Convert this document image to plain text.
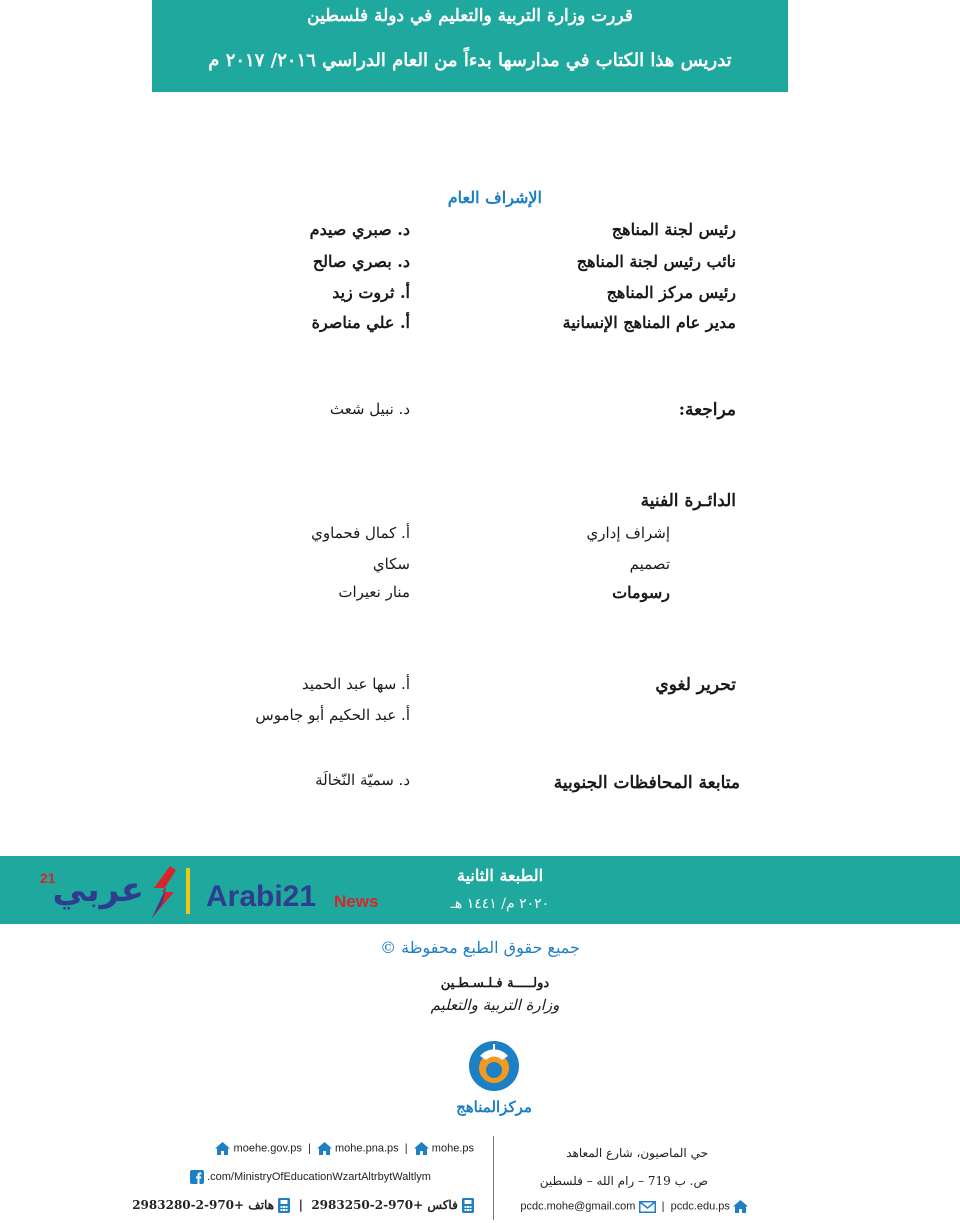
قررت وزارة التربية والتعليم في دولة فلسطين
تدريس هذا الكتاب في مدارسها بدءاً من العام الدراسي ٢٠١٦/ ٢٠١٧ م
الإشراف العام
رئيس لجنة المناهج
د. صبري صيدم
نائب رئيس لجنة المناهج
د. بصري صالح
رئيس مركز المناهج
أ. ثروت زيد
مدير عام المناهج الإنسانية
أ. علي مناصرة
مراجعة:
د. نبيل شعث
الدائـرة الفنية
إشراف إداري
أ. كمال فحماوي
تصميم
سكاي
رسومات
منار نعيرات
تحرير لغوي
أ. سها عبد الحميد
أ. عبد الحكيم أبو جاموس
متابعة المحافظات الجنوبية
د. سميّة النّخالَة
الطبعة الثانية
٢٠٢٠ م/ ١٤٤١ هـ
21
عربي Arabi21 News
جميع حقوق الطبع محفوظة ©
دولـــــة فـلـسـطـين
وزارة التربية والتعليم
مركزالمناهج
moehe.gov.ps  |   mohe.pna.ps  |   mohe.ps
.com/MinistryOfEducationWzartAltrbytWaltlym
فاكس +970-2-2983250  |   هاتف +970-2-2983280
حي الماصيون، شارع المعاهد
ص. ب 719 – رام الله – فلسطين
pcdc.mohe@gmail.com   |  pcdc.edu.ps
